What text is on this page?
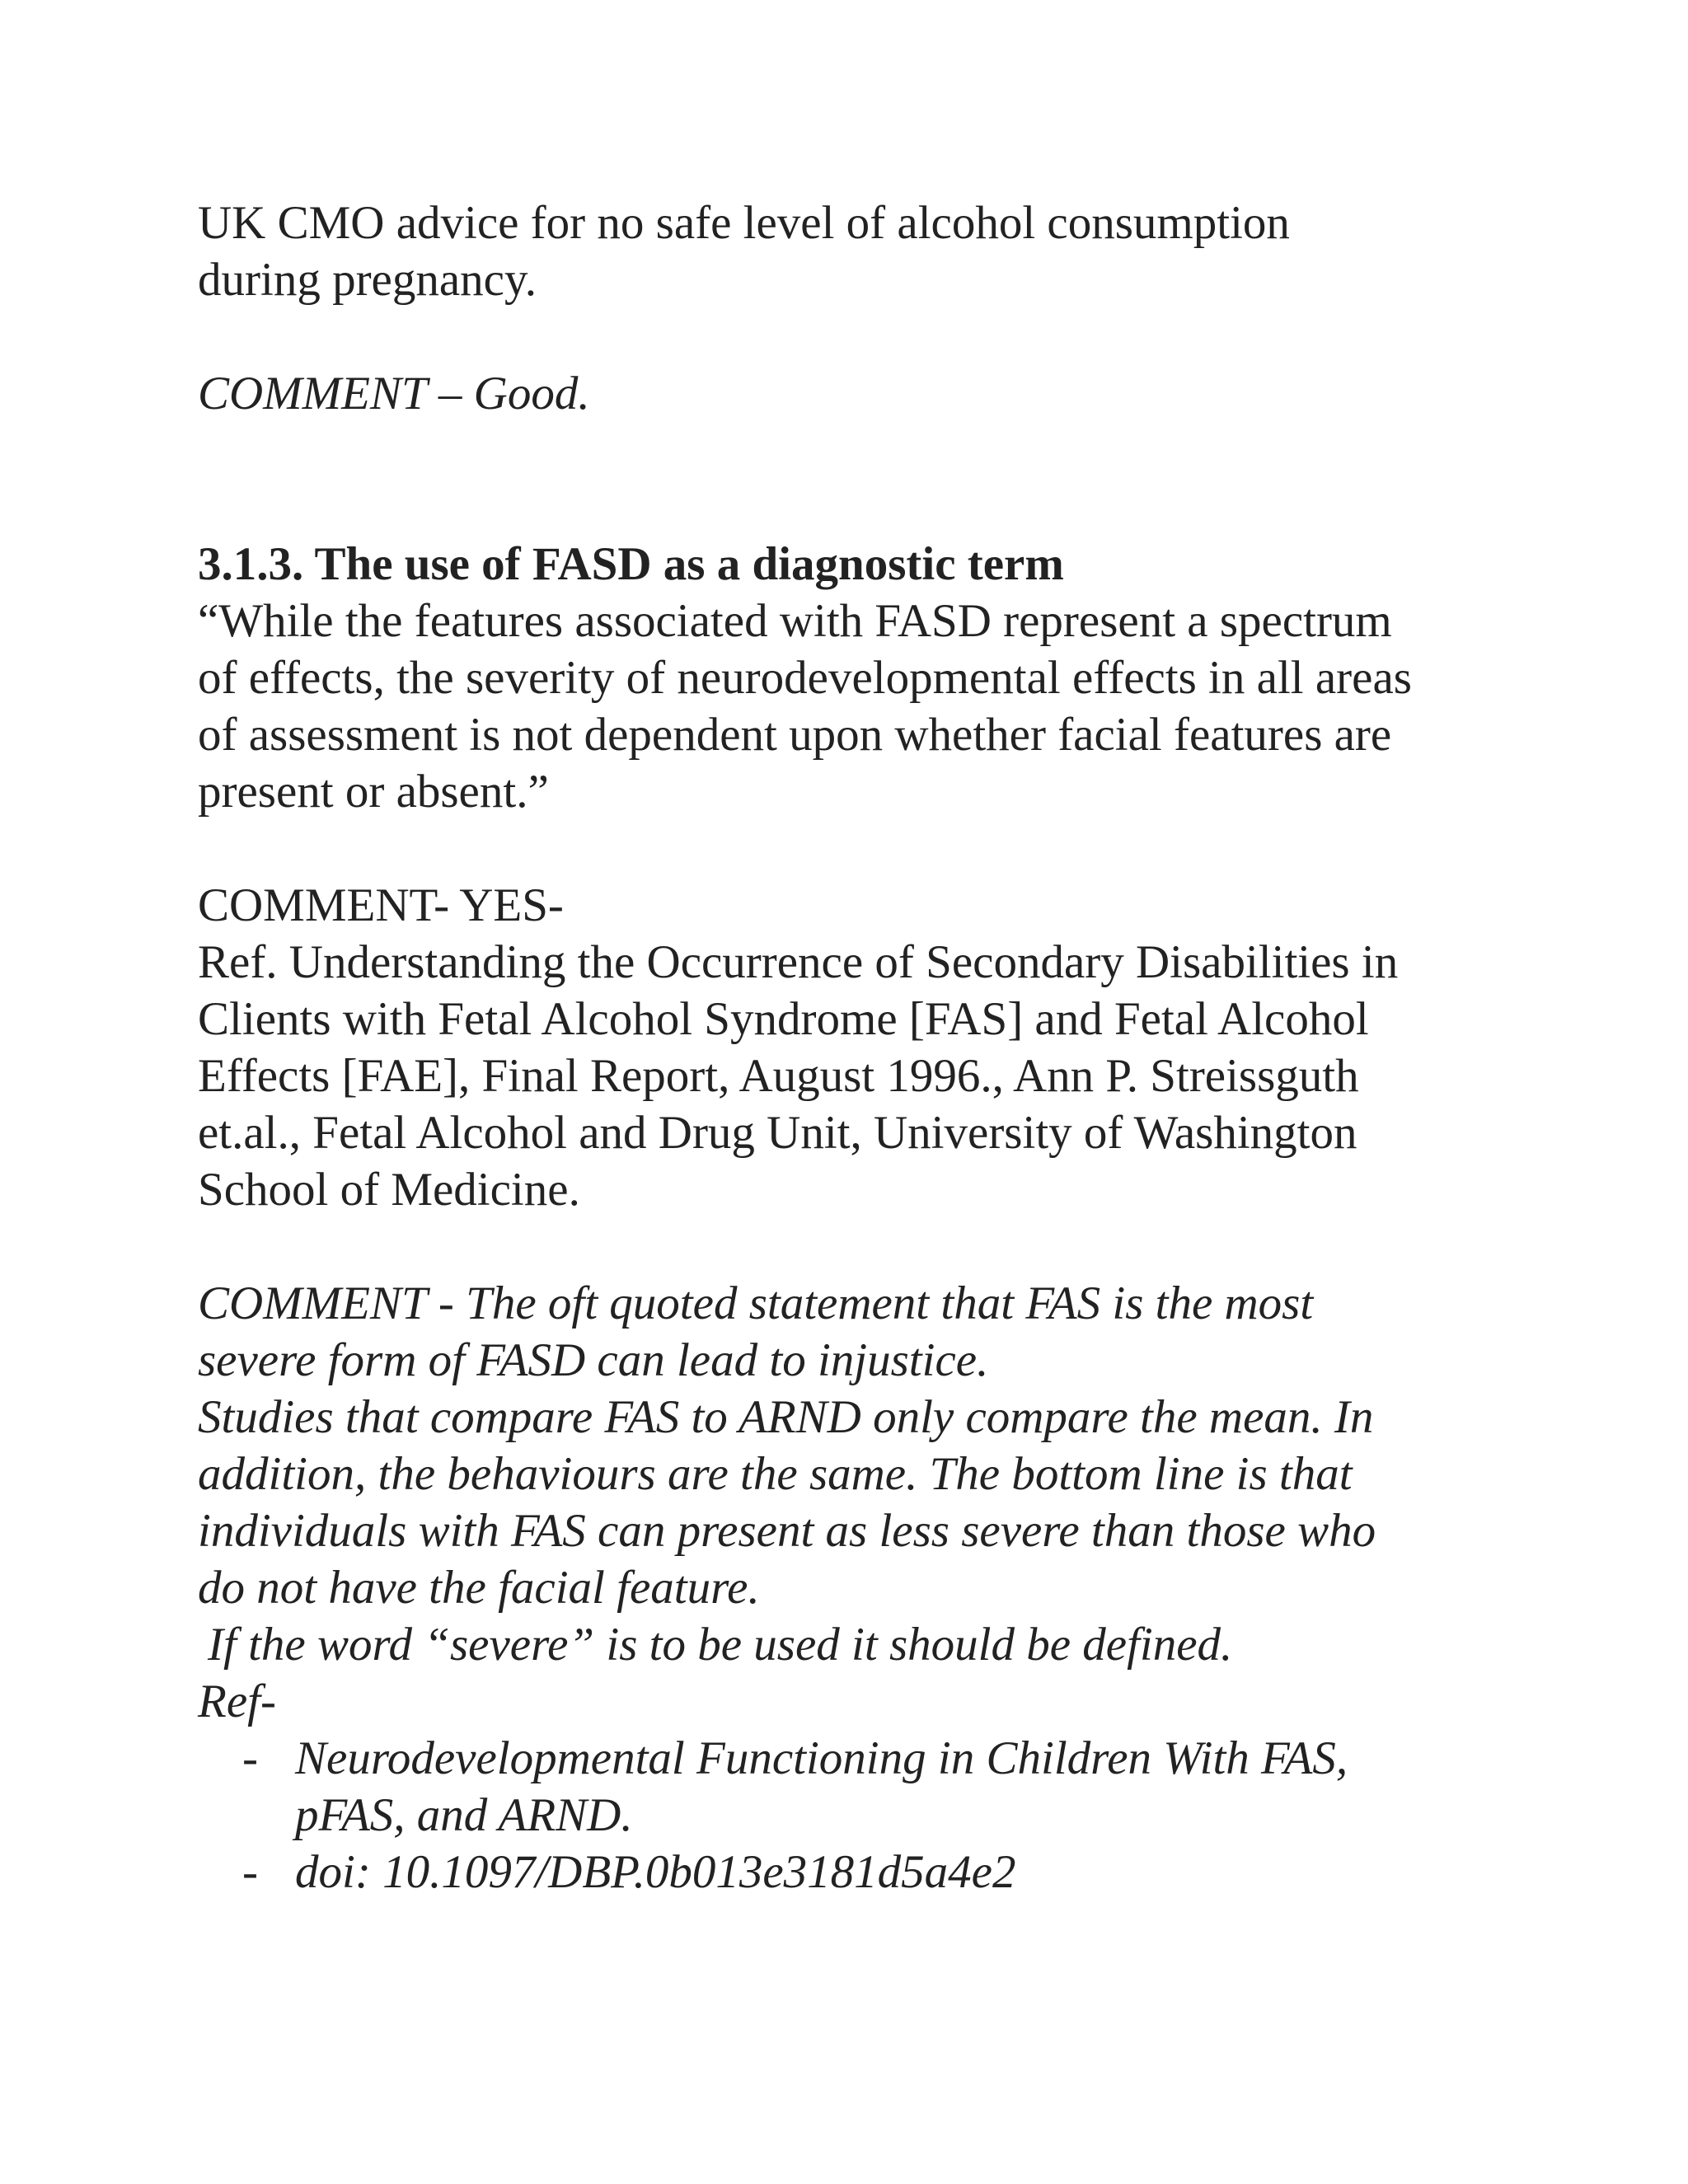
UK CMO advice for no safe level of alcohol consumption

during pregnancy.

COMMENT – Good.

3.1.3. The use of FASD as a diagnostic term

“While the features associated with FASD represent a spectrum

of effects, the severity of neurodevelopmental effects in all areas

of assessment is not dependent upon whether facial features are

present or absent.”

COMMENT- YES-

Ref. Understanding the Occurrence of Secondary Disabilities in

Clients with Fetal Alcohol Syndrome [FAS] and Fetal Alcohol

Effects [FAE], Final Report, August 1996., Ann P. Streissguth

et.al., Fetal Alcohol and Drug Unit, University of Washington

School of Medicine.

COMMENT - The oft quoted statement that FAS is the most

severe form of FASD can lead to injustice.

Studies that compare FAS to ARND only compare the mean. In

addition, the behaviours are the same. The bottom line is that

individuals with FAS can present as less severe than those who

do not have the facial feature.

If the word “severe” is to be used it should be defined.

Ref-

- Neurodevelopmental Functioning in Children With FAS,
pFAS, and ARND.
- doi: 10.1097/DBP.0b013e3181d5a4e2
